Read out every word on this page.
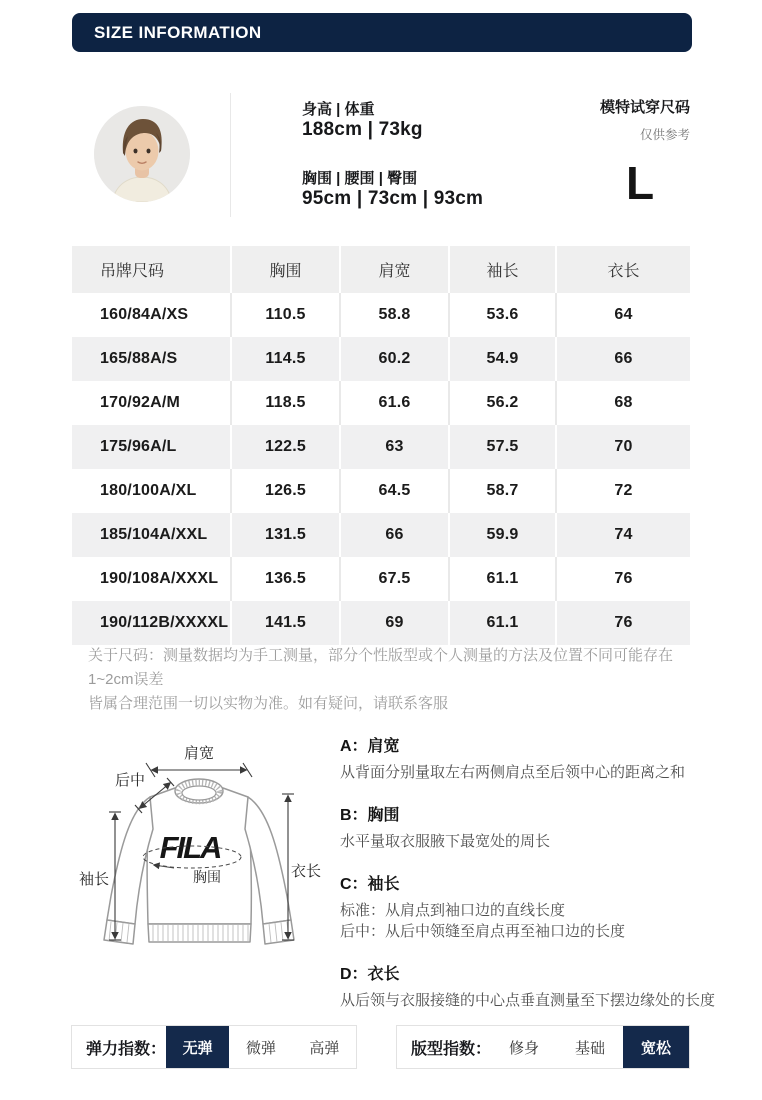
SIZE INFORMATION
身高 | 体重
188cm | 73kg
胸围 | 腰围 | 臀围
95cm | 73cm | 93cm
模特试穿尺码
仅供参考
L
吊牌尺码	胸围	肩宽	袖长	衣长
160/84A/XS	110.5	58.8	53.6	64
165/88A/S	114.5	60.2	54.9	66
170/92A/M	118.5	61.6	56.2	68
175/96A/L	122.5	63	57.5	70
180/100A/XL	126.5	64.5	58.7	72
185/104A/XXL	131.5	66	59.9	74
190/108A/XXXL	136.5	67.5	61.1	76
190/112B/XXXXL	141.5	69	61.1	76
关于尺码：测量数据均为手工测量，部分个性版型或个人测量的方法及位置不同可能存在1~2cm误差
皆属合理范围一切以实物为准。如有疑问，请联系客服
FILA
胸围
肩宽
后中
袖长	衣长
A：肩宽
从背面分别量取左右两侧肩点至后领中心的距离之和
B：胸围
水平量取衣服腋下最宽处的周长
C：袖长
标准：从肩点到袖口边的直线长度
后中：从后中领缝至肩点再至袖口边的长度
D：衣长
从后领与衣服接缝的中心点垂直测量至下摆边缘处的长度
弹力指数：	无弹	微弹	高弹	版型指数：	修身	基础	宽松
